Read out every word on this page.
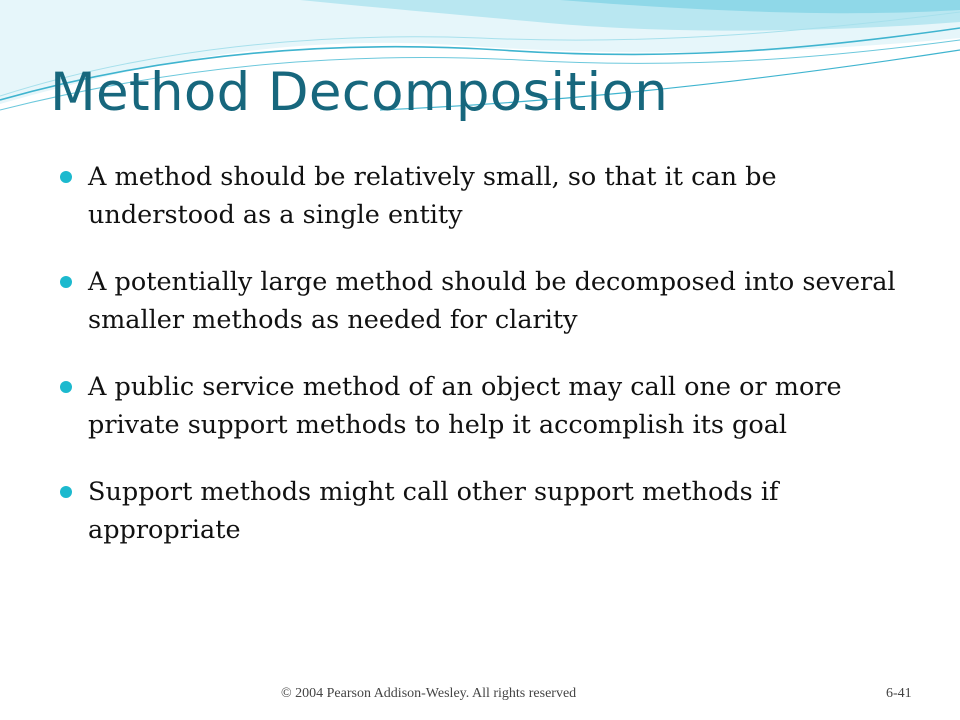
Method Decomposition
A method should be relatively small, so that it can be understood as a single entity
A potentially large method should be decomposed into several smaller methods as needed for clarity
A public service method of an object may call one or more private support methods to help it accomplish its goal
Support methods might call other support methods if appropriate
© 2004 Pearson Addison-Wesley. All rights reserved	6-41
